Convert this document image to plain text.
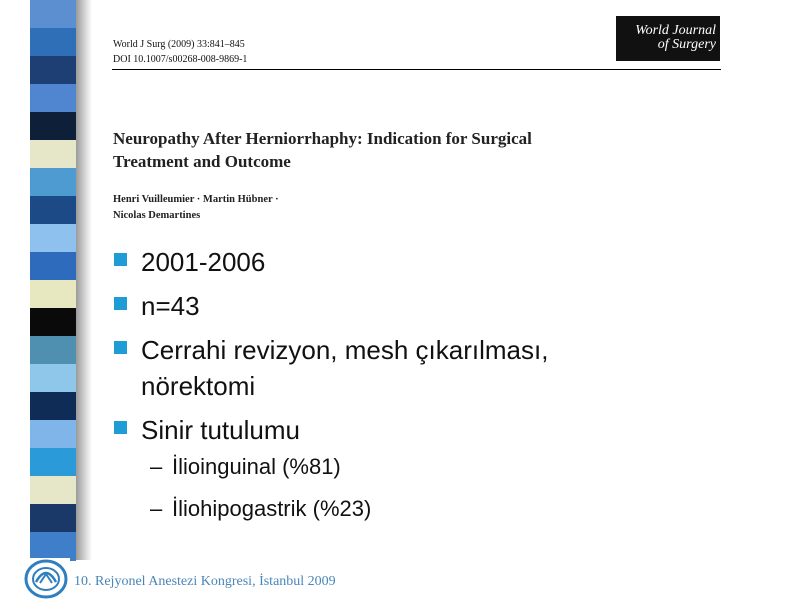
World J Surg (2009) 33:841–845
DOI 10.1007/s00268-008-9869-1
World Journal
of Surgery
Neuropathy After Herniorrhaphy: Indication for Surgical
Treatment and Outcome
Henri Vuilleumier · Martin Hübner ·
Nicolas Demartines
2001-2006
n=43
Cerrahi revizyon, mesh çıkarılması,
nörektomi
Sinir tutulumu
– İlioinguinal (%81)
– İliohipogastrik (%23)
10. Rejyonel Anestezi Kongresi, İstanbul 2009
